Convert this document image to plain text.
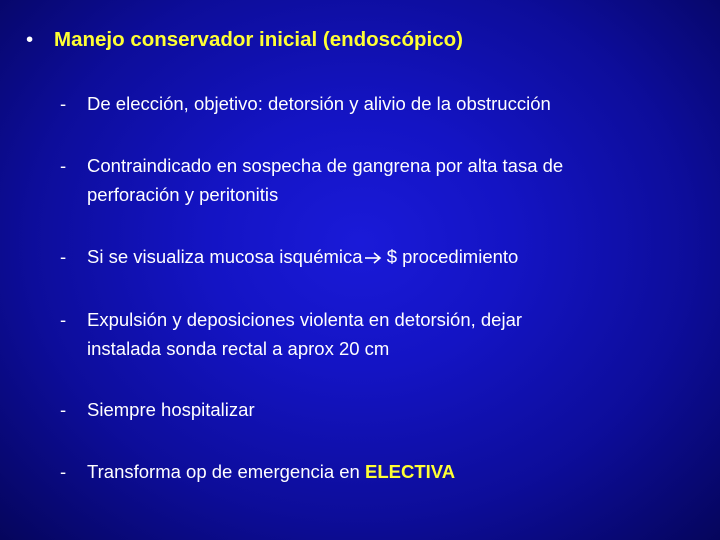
•	Manejo conservador inicial (endoscópico)
-	De elección, objetivo: detorsión y alivio de la obstrucción
-	Contraindicado en sospecha de gangrena por alta tasa de
perforación y peritonitis
-	Si se visualiza mucosa isquémica $ procedimiento
-	Expulsión y deposiciones violenta en detorsión, dejar
instalada sonda rectal a aprox 20 cm
-	Siempre hospitalizar
-	Transforma op de emergencia en ELECTIVA
